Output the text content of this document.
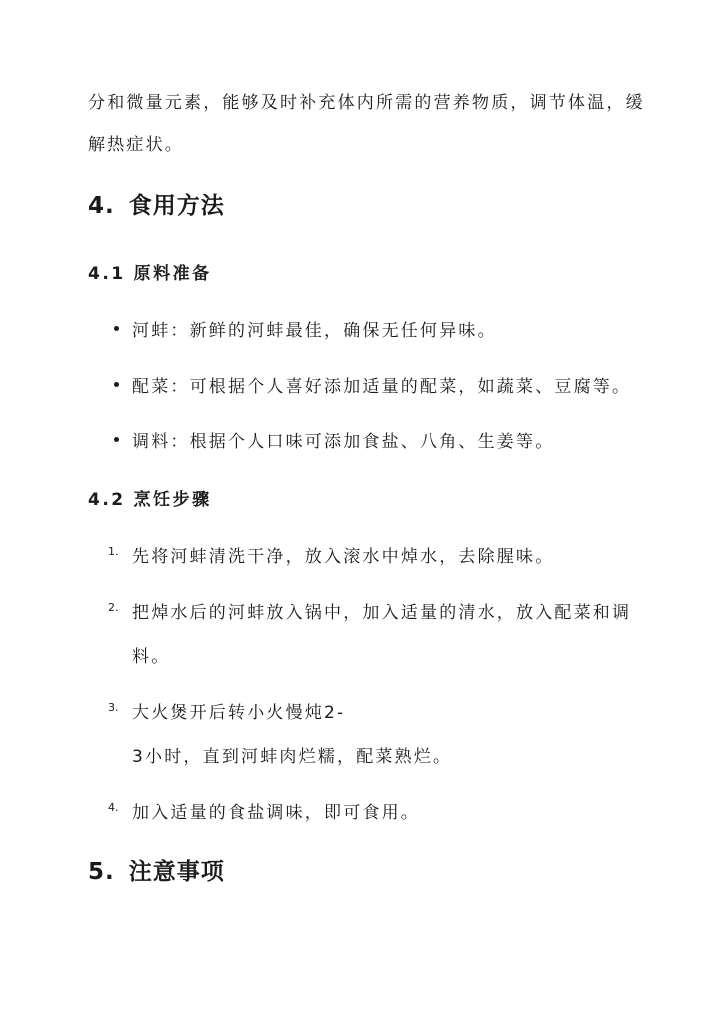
分和微量元素，能够及时补充体内所需的营养物质，调节体温，缓

解热症状。

4. 食用方法
4.1 原料准备
河蚌：新鲜的河蚌最佳，确保无任何异味。
配菜：可根据个人喜好添加适量的配菜，如蔬菜、豆腐等。
调料：根据个人口味可添加食盐、八角、生姜等。
4.2 烹饪步骤
1. 先将河蚌清洗干净，放入滚水中焯水，去除腥味。
2. 把焯水后的河蚌放入锅中，加入适量的清水，放入配菜和调
料。
3. 大火煲开后转小火慢炖2-
3小时，直到河蚌肉烂糯，配菜熟烂。
4. 加入适量的食盐调味，即可食用。
5. 注意事项
